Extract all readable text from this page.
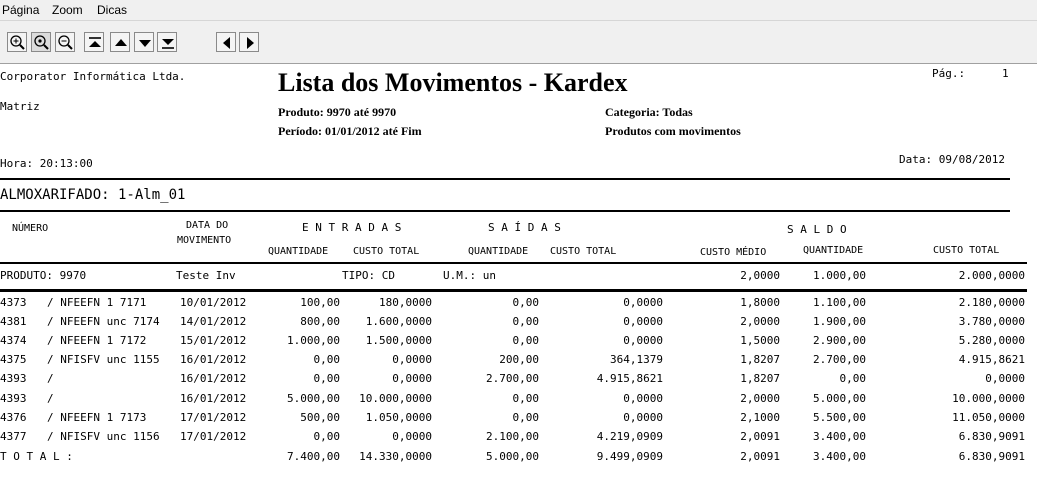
Página Zoom Dicas
Corporator Informática Ltda.
Matriz
Lista dos Movimentos - Kardex	Pág.:	1
Produto: 9970 até 9970
Período: 01/01/2012 até Fim
Categoria: Todas
Produtos com movimentos
Hora: 20:13:00	Data: 09/08/2012
ALMOXARIFADO: 1-Alm_01
NÚMERO	DATA DO
MOVIMENTO
E N T R A D A S	S A Í D A S	S A L D O
QUANTIDADE CUSTO TOTAL	QUANTIDADE CUSTO TOTAL	CUSTO MÉDIO	QUANTIDADE	CUSTO TOTAL
PRODUTO: 9970	Teste Inv	TIPO: CD	U.M.: un	2,0000	1.000,00	2.000,0000
4373	/ NFEEFN 1 7171	10/01/2012	100,00	180,0000	0,00	0,0000	1,8000	1.100,00	2.180,0000
4381	/ NFEEFN unc 7174	14/01/2012	800,00	1.600,0000	0,00	0,0000	2,0000	1.900,00	3.780,0000
4374	/ NFEEFN 1 7172	15/01/2012	1.000,00	1.500,0000	0,00	0,0000	1,5000	2.900,00	5.280,0000
4375	/ NFISFV unc 1155	16/01/2012	0,00	0,0000	200,00	364,1379	1,8207	2.700,00	4.915,8621
4393	/	16/01/2012	0,00	0,0000	2.700,00	4.915,8621	1,8207	0,00	0,0000
4393	/	16/01/2012	5.000,00	10.000,0000	0,00	0,0000	2,0000	5.000,00	10.000,0000
4376	/ NFEEFN 1 7173	17/01/2012	500,00	1.050,0000	0,00	0,0000	2,1000	5.500,00	11.050,0000
4377	/ NFISFV unc 1156	17/01/2012	0,00	0,0000	2.100,00	4.219,0909	2,0091	3.400,00	6.830,9091
T O T A L :	7.400,00	14.330,0000	5.000,00	9.499,0909	2,0091	3.400,00	6.830,9091
